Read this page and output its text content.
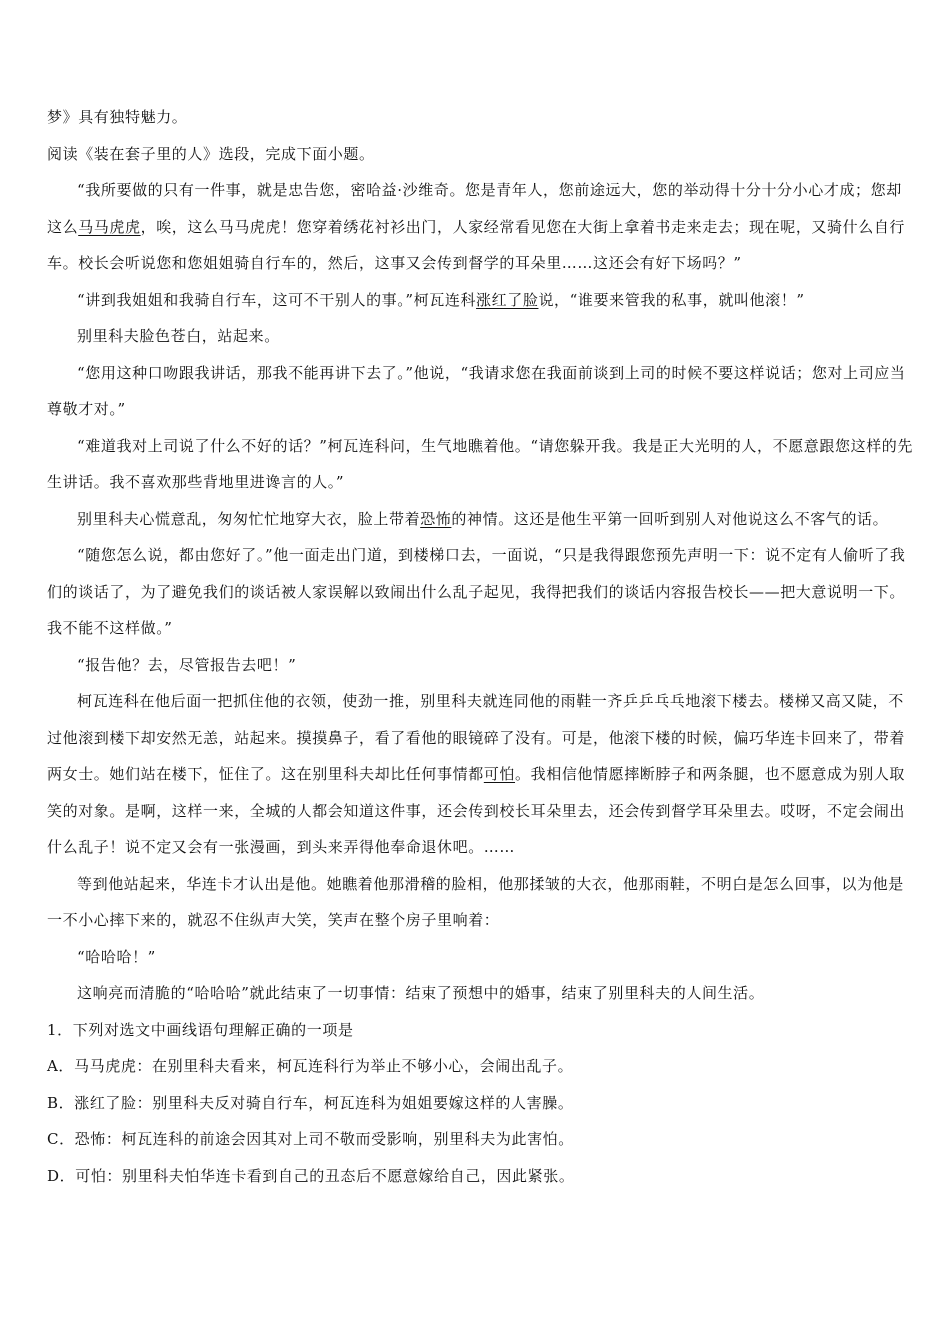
梦》具有独特魅力。

阅读《装在套子里的人》选段，完成下面小题。

“我所要做的只有一件事，就是忠告您，密哈益·沙维奇。您是青年人，您前途远大，您的举动得十分十分小心才成；您却这么马马虎虎，唉，这么马马虎虎！您穿着绣花衬衫出门，人家经常看见您在大街上拿着书走来走去；现在呢，又骑什么自行车。校长会听说您和您姐姐骑自行车的，然后，这事又会传到督学的耳朵里……这还会有好下场吗？”

“讲到我姐姐和我骑自行车，这可不干别人的事。”柯瓦连科涨红了脸说，“谁要来管我的私事，就叫他滚！”

别里科夫脸色苍白，站起来。

“您用这种口吻跟我讲话，那我不能再讲下去了。”他说，“我请求您在我面前谈到上司的时候不要这样说话；您对上司应当尊敬才对。”

“难道我对上司说了什么不好的话？”柯瓦连科问，生气地瞧着他。“请您躲开我。我是正大光明的人，不愿意跟您这样的先生讲话。我不喜欢那些背地里进谗言的人。”

别里科夫心慌意乱，匆匆忙忙地穿大衣，脸上带着恐怖的神情。这还是他生平第一回听到别人对他说这么不客气的话。

“随您怎么说，都由您好了。”他一面走出门道，到楼梯口去，一面说，“只是我得跟您预先声明一下：说不定有人偷听了我们的谈话了，为了避免我们的谈话被人家误解以致闹出什么乱子起见，我得把我们的谈话内容报告校长——把大意说明一下。我不能不这样做。”

“报告他？去，尽管报告去吧！”

柯瓦连科在他后面一把抓住他的衣领，使劲一推，别里科夫就连同他的雨鞋一齐乒乒乓乓地滚下楼去。楼梯又高又陡，不过他滚到楼下却安然无恙，站起来。摸摸鼻子，看了看他的眼镜碎了没有。可是，他滚下楼的时候，偏巧华连卡回来了，带着两女士。她们站在楼下，怔住了。这在别里科夫却比任何事情都可怕。我相信他情愿摔断脖子和两条腿，也不愿意成为别人取笑的对象。是啊，这样一来，全城的人都会知道这件事，还会传到校长耳朵里去，还会传到督学耳朵里去。哎呀，不定会闹出什么乱子！说不定又会有一张漫画，到头来弄得他奉命退休吧。……

等到他站起来，华连卡才认出是他。她瞧着他那滑稽的脸相，他那揉皱的大衣，他那雨鞋，不明白是怎么回事，以为他是一不小心摔下来的，就忍不住纵声大笑，笑声在整个房子里响着：

“哈哈哈！”

这响亮而清脆的“哈哈哈”就此结束了一切事情：结束了预想中的婚事，结束了别里科夫的人间生活。

1．下列对选文中画线语句理解正确的一项是

A．马马虎虎：在别里科夫看来，柯瓦连科行为举止不够小心，会闹出乱子。

B．涨红了脸：别里科夫反对骑自行车，柯瓦连科为姐姐要嫁这样的人害臊。

C．恐怖：柯瓦连科的前途会因其对上司不敬而受影响，别里科夫为此害怕。

D．可怕：别里科夫怕华连卡看到自己的丑态后不愿意嫁给自己，因此紧张。
